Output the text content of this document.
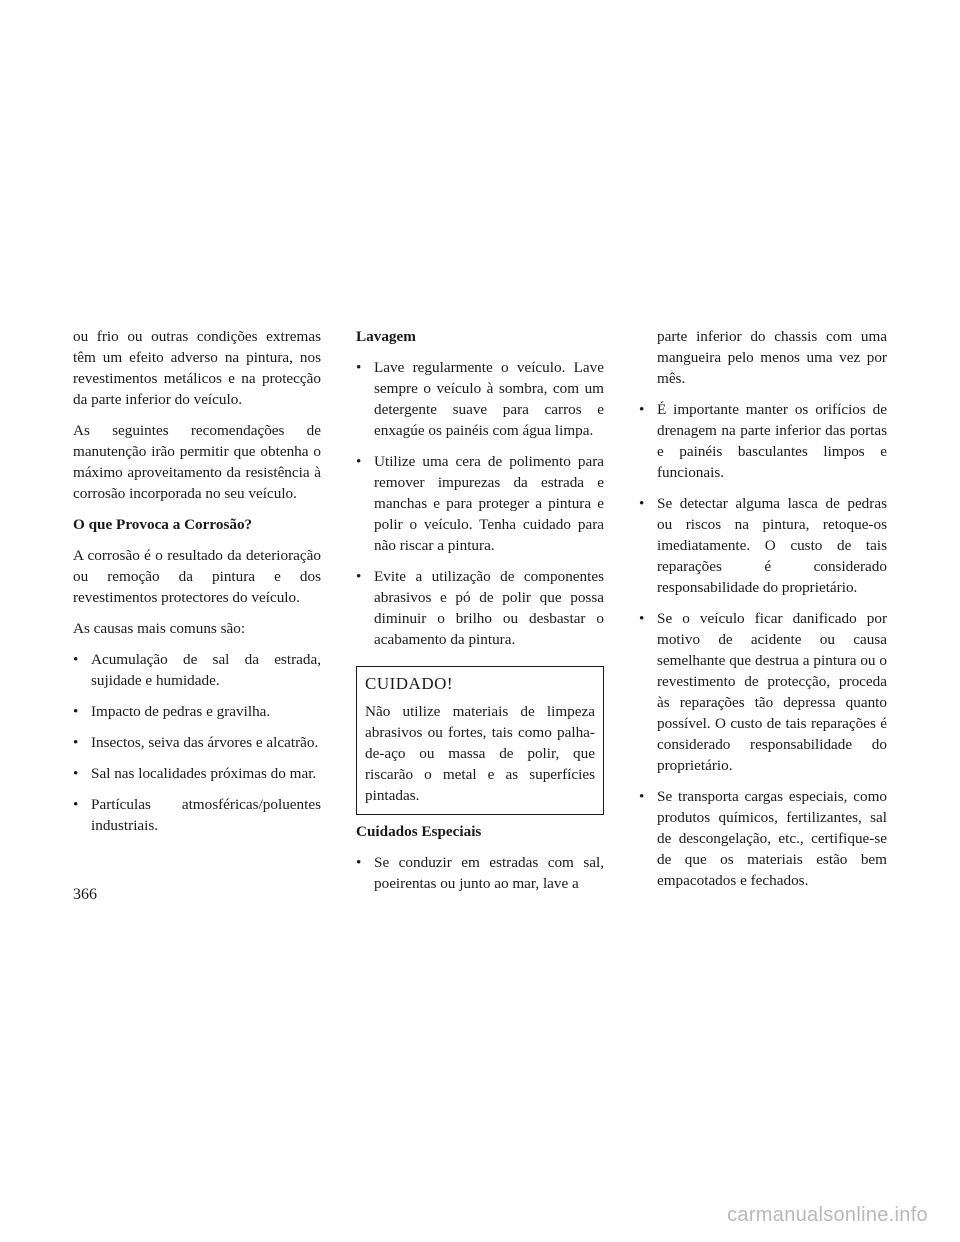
ou frio ou outras condições extremas têm um efeito adverso na pintura, nos revestimentos metálicos e na protecção da parte inferior do veículo.

As seguintes recomendações de manutenção irão permitir que obtenha o máximo aproveitamento da resistência à corrosão incorporada no seu veículo.

O que Provoca a Corrosão?

A corrosão é o resultado da deterioração ou remoção da pintura e dos revestimentos protectores do veículo.

As causas mais comuns são:

• Acumulação de sal da estrada, sujidade e humidade.
• Impacto de pedras e gravilha.
• Insectos, seiva das árvores e alcatrão.
• Sal nas localidades próximas do mar.
• Partículas atmosféricas/poluentes industriais.
Lavagem
• Lave regularmente o veículo. Lave sempre o veículo à sombra, com um detergente suave para carros e enxagúe os painéis com água limpa.
• Utilize uma cera de polimento para remover impurezas da estrada e manchas e para proteger a pintura e polir o veículo. Tenha cuidado para não riscar a pintura.
• Evite a utilização de componentes abrasivos e pó de polir que possa diminuir o brilho ou desbastar o acabamento da pintura.
CUIDADO!

Não utilize materiais de limpeza abrasivos ou fortes, tais como palha-de-aço ou massa de polir, que riscarão o metal e as superfícies pintadas.

Cuidados Especiais
• Se conduzir em estradas com sal, poeirentas ou junto ao mar, lave a
parte inferior do chassis com uma mangueira pelo menos uma vez por mês.
• É importante manter os orifícios de drenagem na parte inferior das portas e painéis basculantes limpos e funcionais.
• Se detectar alguma lasca de pedras ou riscos na pintura, retoque-os imediatamente. O custo de tais reparações é considerado responsabilidade do proprietário.
• Se o veículo ficar danificado por motivo de acidente ou causa semelhante que destrua a pintura ou o revestimento de protecção, proceda às reparações tão depressa quanto possível. O custo de tais reparações é considerado responsabilidade do proprietário.
• Se transporta cargas especiais, como produtos químicos, fertilizantes, sal de descongelação, etc., certifique-se de que os materiais estão bem empacotados e fechados.
366
carmanualsonline.info
